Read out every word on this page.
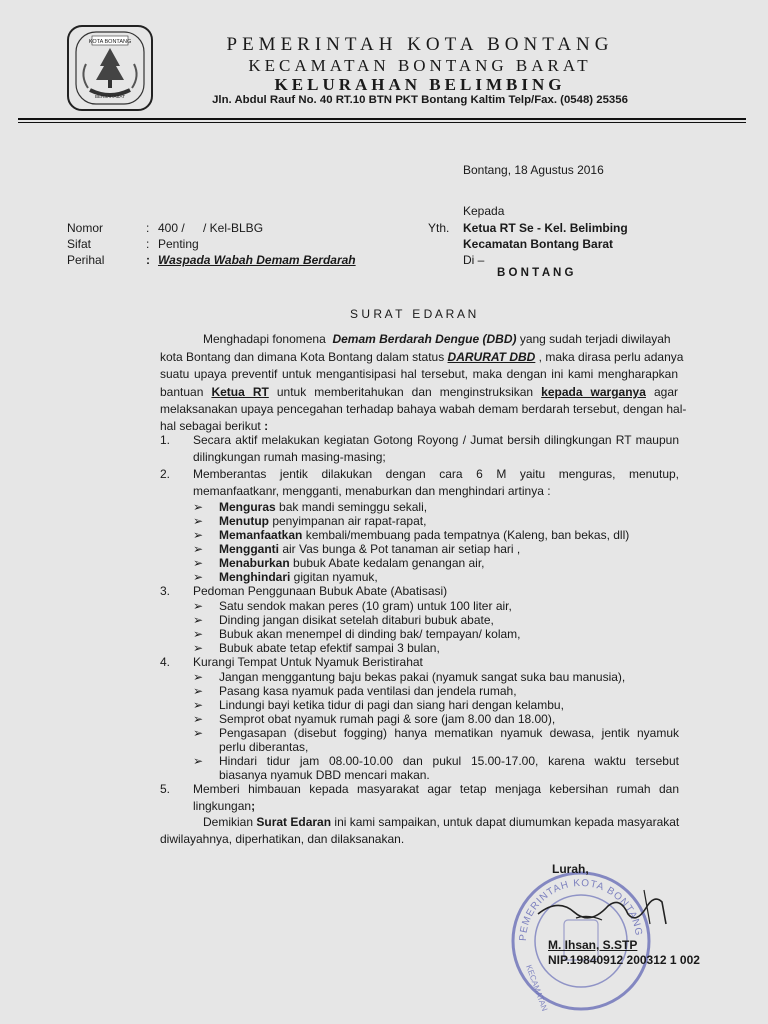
KOTA BONTANG
BERSAHABAT
PEMERINTAH KOTA BONTANG
KECAMATAN BONTANG BARAT
KELURAHAN BELIMBING
Jln. Abdul Rauf No. 40 RT.10 BTN PKT Bontang Kaltim Telp/Fax. (0548) 25356
Bontang, 18 Agustus 2016
Nomor	: 400 / / Kel-BLBG
Sifat	: Penting
Perihal	: Waspada Wabah Demam Berdarah
Kepada
Yth. Ketua RT Se - Kel. Belimbing
Kecamatan Bontang Barat
Di –
B O N T A N G
S U R A T   E D A R A N
Menghadapi fonomena Demam Berdarah Dengue (DBD) yang sudah terjadi diwilayah
kota Bontang dan dimana Kota Bontang dalam status DARURAT DBD , maka dirasa perlu adanya
suatu upaya preventif untuk mengantisipasi hal tersebut, maka dengan ini kami mengharapkan
bantuan Ketua RT untuk memberitahukan dan menginstruksikan kepada warganya agar
melaksanakan upaya pencegahan terhadap bahaya wabah demam berdarah tersebut, dengan hal-
hal sebagai berikut :
1. Secara aktif melakukan kegiatan Gotong Royong / Jumat bersih dilingkungan RT maupun
dilingkungan rumah masing-masing;
2. Memberantas jentik dilakukan dengan cara 6 M yaitu menguras, menutup,
memanfaatkanr, mengganti, menaburkan dan menghindari artinya :
➢ Menguras bak mandi seminggu sekali,
➢ Menutup penyimpanan air rapat-rapat,
➢ Memanfaatkan kembali/membuang pada tempatnya (Kaleng, ban bekas, dll)
➢ Mengganti air Vas bunga & Pot tanaman air setiap hari ,
➢ Menaburkan bubuk Abate kedalam genangan air,
➢ Menghindari gigitan nyamuk,
3. Pedoman Penggunaan Bubuk Abate (Abatisasi)
➢ Satu sendok makan peres (10 gram) untuk 100 liter air,
➢ Dinding jangan disikat setelah ditaburi bubuk abate,
➢ Bubuk akan menempel di dinding bak/ tempayan/ kolam,
➢ Bubuk abate tetap efektif sampai 3 bulan,
4. Kurangi Tempat Untuk Nyamuk Beristirahat
➢ Jangan menggantung baju bekas pakai (nyamuk sangat suka bau manusia),
➢ Pasang kasa nyamuk pada ventilasi dan jendela rumah,
➢ Lindungi bayi ketika tidur di pagi dan siang hari dengan kelambu,
➢ Semprot obat nyamuk rumah pagi & sore (jam 8.00 dan 18.00),
➢ Pengasapan (disebut fogging) hanya mematikan nyamuk dewasa, jentik nyamuk
perlu diberantas,
➢ Hindari tidur jam 08.00-10.00 dan pukul 15.00-17.00, karena waktu tersebut
biasanya nyamuk DBD mencari makan.
5. Memberi himbauan kepada masyarakat agar tetap menjaga kebersihan rumah dan
lingkungan;
Demikian Surat Edaran ini kami sampaikan, untuk dapat diumumkan kepada masyarakat
diwilayahnya, diperhatikan, dan dilaksanakan.
PEMERINTAH KOTA BONTANG
KECAMATAN
Lurah,
M. Ihsan, S.STP
NIP.19840912 200312 1 002
